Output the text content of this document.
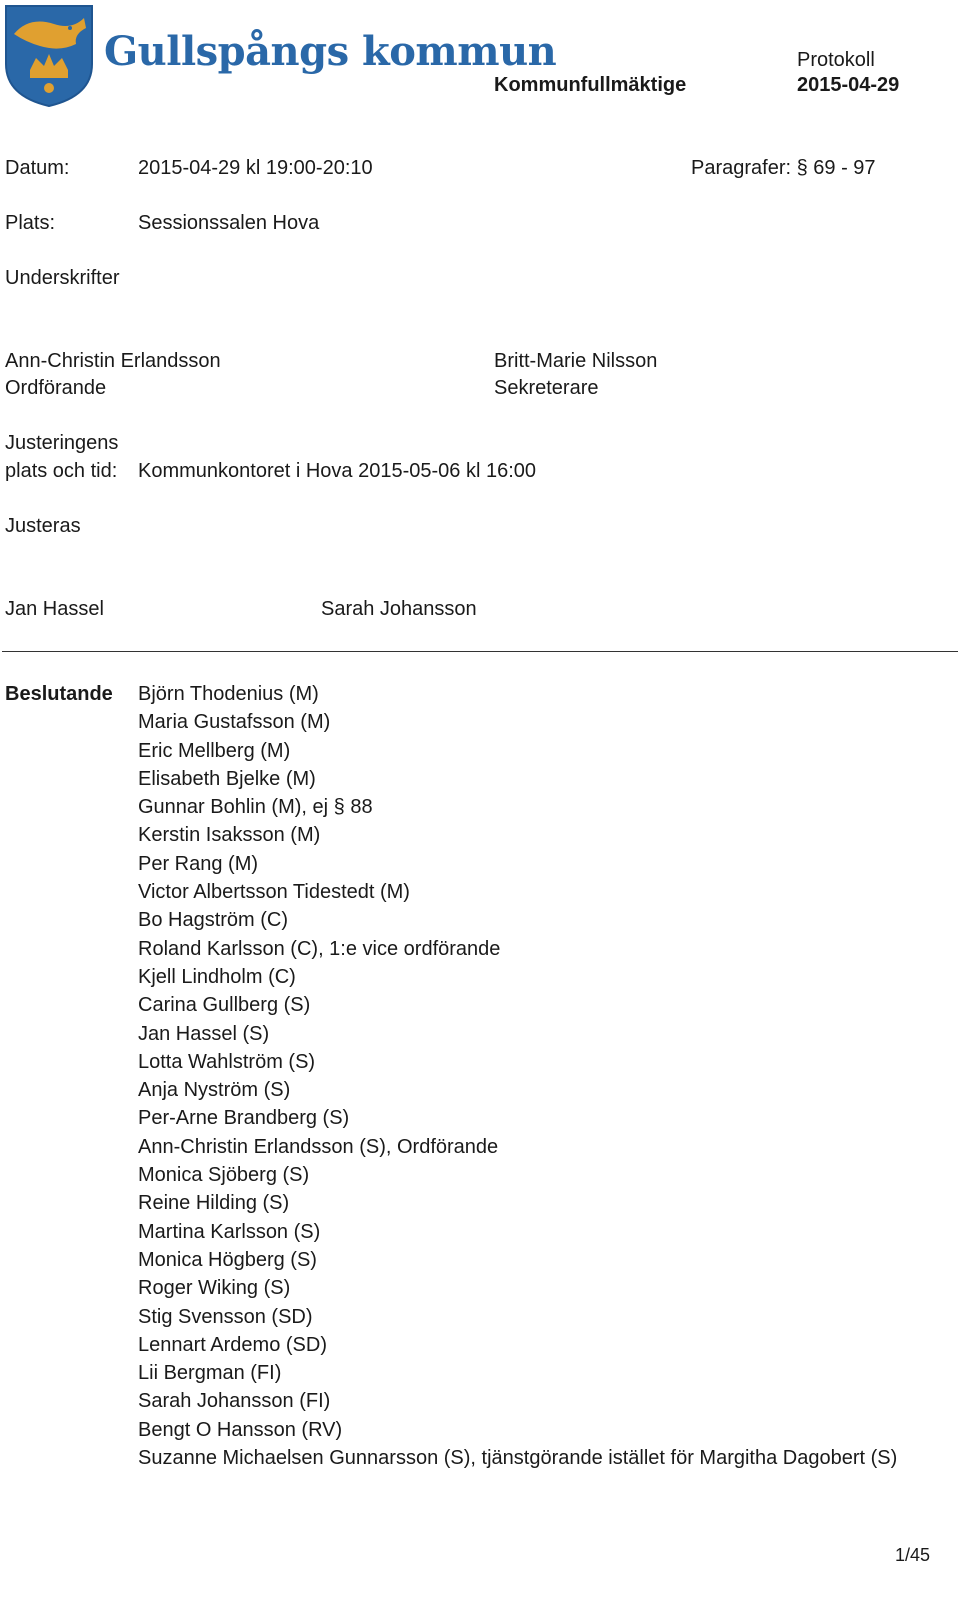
Gullspångs kommun	Protokoll
Kommunfullmäktige	2015-04-29
Datum:	2015-04-29 kl 19:00-20:10	Paragrafer: § 69 - 97
Plats:	Sessionssalen Hova
Underskrifter
Ann-Christin Erlandsson
Ordförande
Britt-Marie Nilsson
Sekreterare
Justeringens
plats och tid: Kommunkontoret i Hova 2015-05-06 kl 16:00
Justeras
Jan Hassel	Sarah Johansson
Beslutande Björn Thodenius (M)
Maria Gustafsson (M)
Eric Mellberg (M)
Elisabeth Bjelke (M)
Gunnar Bohlin (M), ej § 88
Kerstin Isaksson (M)
Per Rang (M)
Victor Albertsson Tidestedt (M)
Bo Hagström (C)
Roland Karlsson (C), 1:e vice ordförande
Kjell Lindholm (C)
Carina Gullberg (S)
Jan Hassel (S)
Lotta Wahlström (S)
Anja Nyström (S)
Per-Arne Brandberg (S)
Ann-Christin Erlandsson (S), Ordförande
Monica Sjöberg (S)
Reine Hilding (S)
Martina Karlsson (S)
Monica Högberg (S)
Roger Wiking (S)
Stig Svensson (SD)
Lennart Ardemo (SD)
Lii Bergman (FI)
Sarah Johansson (FI)
Bengt O Hansson (RV)
Suzanne Michaelsen Gunnarsson (S), tjänstgörande istället för Margitha Dagobert (S)
1/45
